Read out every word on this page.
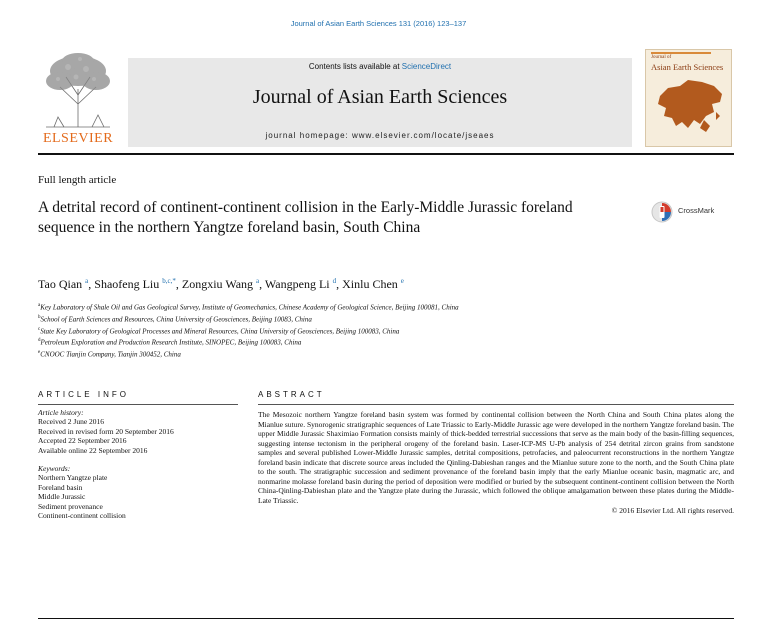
Journal of Asian Earth Sciences 131 (2016) 123–137
ELSEVIER
Contents lists available at ScienceDirect
Journal of Asian Earth Sciences
journal homepage: www.elsevier.com/locate/jseaes
Journal of
Asian Earth Sciences
Full length article
A detrital record of continent-continent collision in the Early-Middle Jurassic foreland sequence in the northern Yangtze foreland basin, South China
CrossMark
Tao Qian $^a$, Shaofeng Liu $^{b,c,*}$, Zongxiu Wang $^a$, Wangpeng Li $^d$, Xinlu Chen $^e$
$^a$Key Laboratory of Shale Oil and Gas Geological Survey, Institute of Geomechanics, Chinese Academy of Geological Science, Beijing 100081, China
$^b$School of Earth Sciences and Resources, China University of Geosciences, Beijing 10083, China
$^c$State Key Laboratory of Geological Processes and Mineral Resources, China University of Geosciences, Beijing 100083, China
$^d$Petroleum Exploration and Production Research Institute, SINOPEC, Beijing 100083, China
$^e$CNOOC Tianjin Company, Tianjin 300452, China
ARTICLE INFO	ABSTRACT
Article history:
Received 2 June 2016
Received in revised form 20 September 2016
Accepted 22 September 2016
Available online 22 September 2016
Keywords:
Northern Yangtze plate
Foreland basin
Middle Jurassic
Sediment provenance
Continent-continent collision
The Mesozoic northern Yangtze foreland basin system was formed by continental collision between the North China and South China plates along the Mianlue suture. Synorogenic stratigraphic sequences of Late Triassic to Early-Middle Jurassic age were developed in the northern Yangtze foreland basin. The upper Middle Jurassic Shaximiao Formation consists mainly of thick-bedded terrestrial successions that serve as the main body of the basin-filling sequences, suggesting intense tectonism in the peripheral orogeny of the foreland basin. Laser-ICP-MS U-Pb analysis of 254 detrital zircon grains from sandstone samples and several published Lower-Middle Jurassic samples, detrital compositions, petrofacies, and paleocurrent reconstructions in the northern Yangtze foreland basin indicate that discrete source areas included the Qinling-Dabieshan ranges and the Mianlue suture zone to the north, and the South China plate to the south. The stratigraphic succession and sediment provenance of the foreland basin imply that the early Mianlue oceanic basin, magmatic arc, and nonmarine molasse foreland basin during the period of deposition were modified or buried by the subsequent continent-continent collision between the North China-Qinling-Dabieshan plate and the Yangtze plate during the Jurassic, which followed the oblique amalgamation between these plates during the Middle-Late Triassic.
© 2016 Elsevier Ltd. All rights reserved.
